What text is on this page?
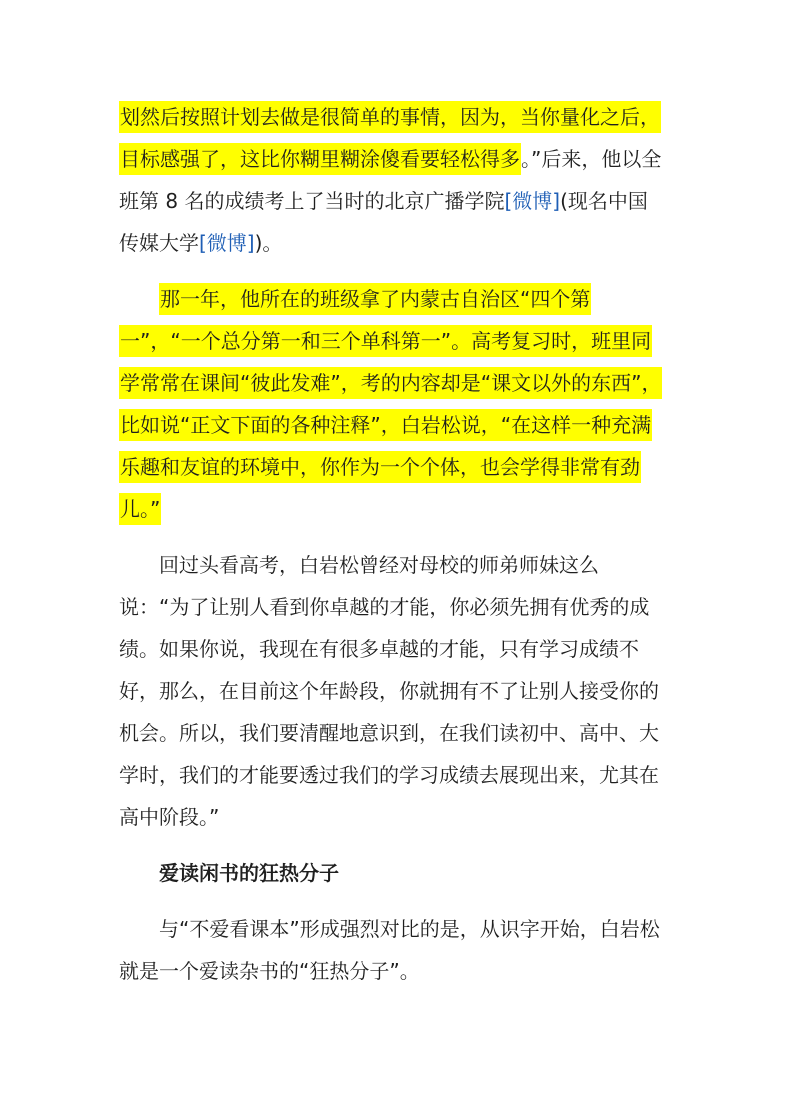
划然后按照计划去做是很简单的事情，因为，当你量化之后，目标感强了，这比你糊里糊涂傻看要轻松得多。”后来，他以全班第 8 名的成绩考上了当时的北京广播学院[微博](现名中国传媒大学[微博])。

那一年，他所在的班级拿了内蒙古自治区“四个第一”，“一个总分第一和三个单科第一”。高考复习时，班里同学常常在课间“彼此发难”，考的内容却是“课文以外的东西”，比如说“正文下面的各种注释”，白岩松说，“在这样一种充满乐趣和友谊的环境中，你作为一个个体，也会学得非常有劲儿。”

回过头看高考，白岩松曾经对母校的师弟师妹这么说：“为了让别人看到你卓越的才能，你必须先拥有优秀的成绩。如果你说，我现在有很多卓越的才能，只有学习成绩不好，那么，在目前这个年龄段，你就拥有不了让别人接受你的机会。所以，我们要清醒地意识到，在我们读初中、高中、大学时，我们的才能要透过我们的学习成绩去展现出来，尤其在高中阶段。”

爱读闲书的狂热分子

与“不爱看课本”形成强烈对比的是，从识字开始，白岩松就是一个爱读杂书的“狂热分子”。
